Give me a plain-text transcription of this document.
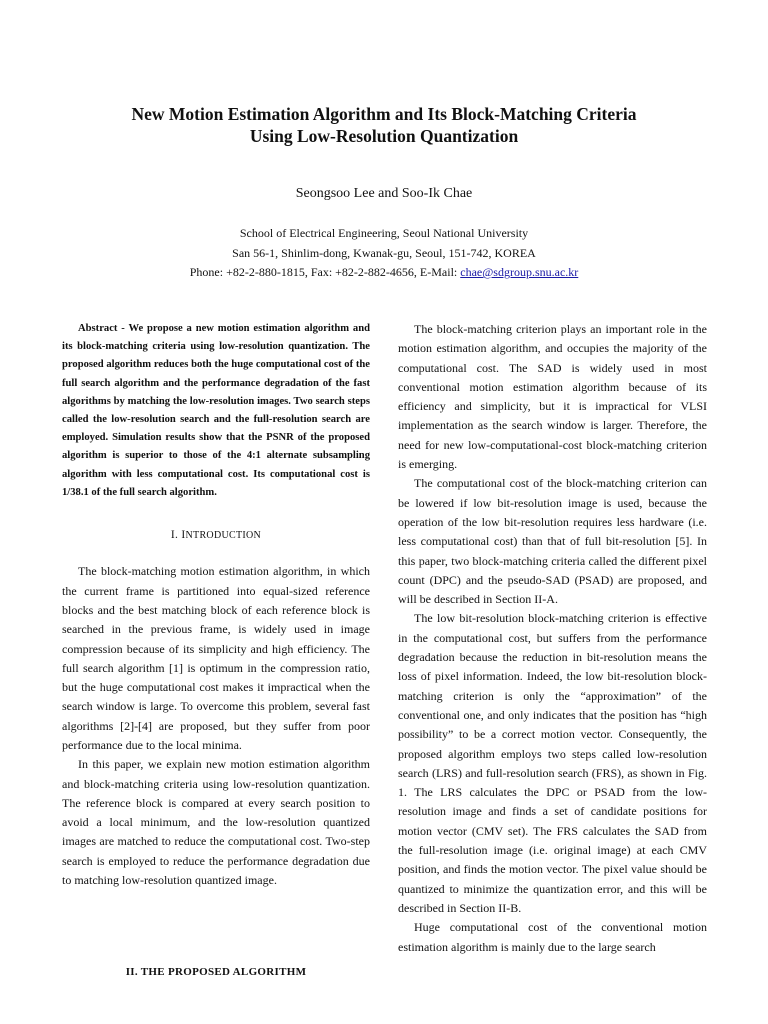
New Motion Estimation Algorithm and Its Block-Matching Criteria
Using Low-Resolution Quantization
Seongsoo Lee and Soo-Ik Chae
School of Electrical Engineering, Seoul National University
San 56-1, Shinlim-dong, Kwanak-gu, Seoul, 151-742, KOREA
Phone: +82-2-880-1815, Fax: +82-2-882-4656, E-Mail: chae@sdgroup.snu.ac.kr

Abstract - We propose a new motion estimation algorithm and its block-matching criteria using low-resolution quantization. The proposed algorithm reduces both the huge computational cost of the full search algorithm and the performance degradation of the fast algorithms by matching the low-resolution images. Two search steps called the low-resolution search and the full-resolution search are employed. Simulation results show that the PSNR of the proposed algorithm is superior to those of the 4:1 alternate subsampling algorithm with less computational cost. Its computational cost is 1/38.1 of the full search algorithm.

I. INTRODUCTION

The block-matching motion estimation algorithm, in which the current frame is partitioned into equal-sized reference blocks and the best matching block of each reference block is searched in the previous frame, is widely used in image compression because of its simplicity and high efficiency. The full search algorithm [1] is optimum in the compression ratio, but the huge computational cost makes it impractical when the search window is large. To overcome this problem, several fast algorithms [2]-[4] are proposed, but they suffer from poor performance due to the local minima.

In this paper, we explain new motion estimation algorithm and block-matching criteria using low-resolution quantization. The reference block is compared at every search position to avoid a local minimum, and the low-resolution quantized images are matched to reduce the computational cost. Two-step search is employed to reduce the performance degradation due to matching low-resolution quantized image.

II. THE PROPOSED ALGORITHM

The block-matching criterion plays an important role in the motion estimation algorithm, and occupies the majority of the computational cost. The SAD is widely used in most conventional motion estimation algorithm because of its efficiency and simplicity, but it is impractical for VLSI implementation as the search window is larger. Therefore, the need for new low-computational-cost block-matching criterion is emerging.

The computational cost of the block-matching criterion can be lowered if low bit-resolution image is used, because the operation of the low bit-resolution requires less hardware (i.e. less computational cost) than that of full bit-resolution [5]. In this paper, two block-matching criteria called the different pixel count (DPC) and the pseudo-SAD (PSAD) are proposed, and will be described in Section II-A.

The low bit-resolution block-matching criterion is effective in the computational cost, but suffers from the performance degradation because the reduction in bit-resolution means the loss of pixel information. Indeed, the low bit-resolution block-matching criterion is only the “approximation” of the conventional one, and only indicates that the position has “high possibility” to be a correct motion vector. Consequently, the proposed algorithm employs two steps called low-resolution search (LRS) and full-resolution search (FRS), as shown in Fig. 1. The LRS calculates the DPC or PSAD from the low-resolution image and finds a set of candidate positions for motion vector (CMV set). The FRS calculates the SAD from the full-resolution image (i.e. original image) at each CMV position, and finds the motion vector. The pixel value should be quantized to minimize the quantization error, and this will be described in Section II-B.

Huge computational cost of the conventional motion estimation algorithm is mainly due to the large search
